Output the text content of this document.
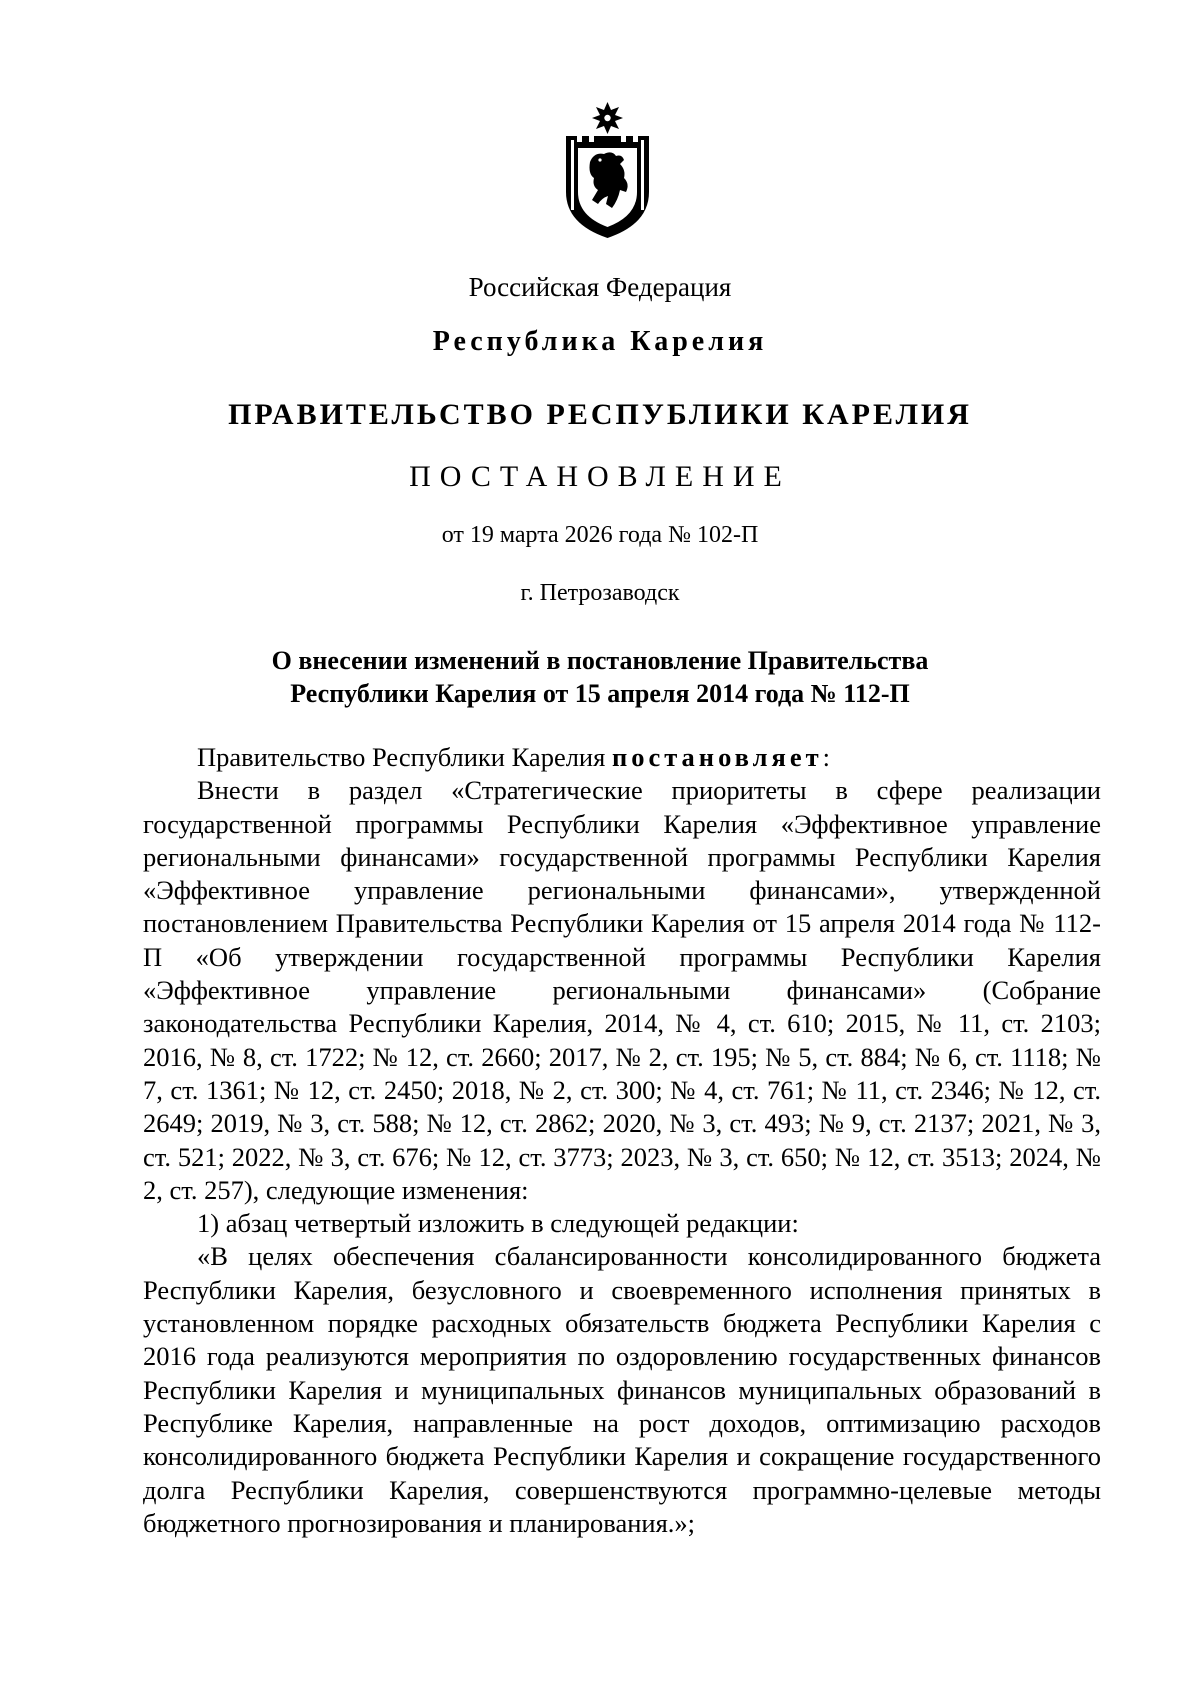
Российская Федерация
Республика Карелия
ПРАВИТЕЛЬСТВО РЕСПУБЛИКИ КАРЕЛИЯ
ПОСТАНОВЛЕНИЕ
от 19 марта 2026 года № 102-П
г. Петрозаводск
О внесении изменений в постановление Правительства
Республики Карелия от 15 апреля 2014 года № 112-П

Правительство Республики Карелия постановляет:

Внести в раздел «Стратегические приоритеты в сфере реализации государственной программы Республики Карелия «Эффективное управление региональными финансами» государственной программы Республики Карелия «Эффективное управление региональными финансами», утвержденной постановлением Правительства Республики Карелия от 15 апреля 2014 года № 112-П «Об утверждении государственной программы Республики Карелия «Эффективное управление региональными финансами» (Собрание законодательства Республики Карелия, 2014, № 4, ст. 610; 2015, № 11, ст. 2103; 2016, № 8, ст. 1722; № 12, ст. 2660; 2017, № 2, ст. 195; № 5, ст. 884; № 6, ст. 1118; № 7, ст. 1361; № 12, ст. 2450; 2018, № 2, ст. 300; № 4, ст. 761; № 11, ст. 2346; № 12, ст. 2649; 2019, № 3, ст. 588; № 12, ст. 2862; 2020, № 3, ст. 493; № 9, ст. 2137; 2021, № 3, ст. 521; 2022, № 3, ст. 676; № 12, ст. 3773; 2023, № 3, ст. 650; № 12, ст. 3513; 2024, № 2, ст. 257), следующие изменения:

1) абзац четвертый изложить в следующей редакции:

«В целях обеспечения сбалансированности консолидированного бюджета Республики Карелия, безусловного и своевременного исполнения принятых в установленном порядке расходных обязательств бюджета Республики Карелия с 2016 года реализуются мероприятия по оздоровлению государственных финансов Республики Карелия и муниципальных финансов муниципальных образований в Республике Карелия, направленные на рост доходов, оптимизацию расходов консолидированного бюджета Республики Карелия и сокращение государственного долга Республики Карелия, совершенствуются программно-целевые методы бюджетного прогнозирования и планирования.»;
